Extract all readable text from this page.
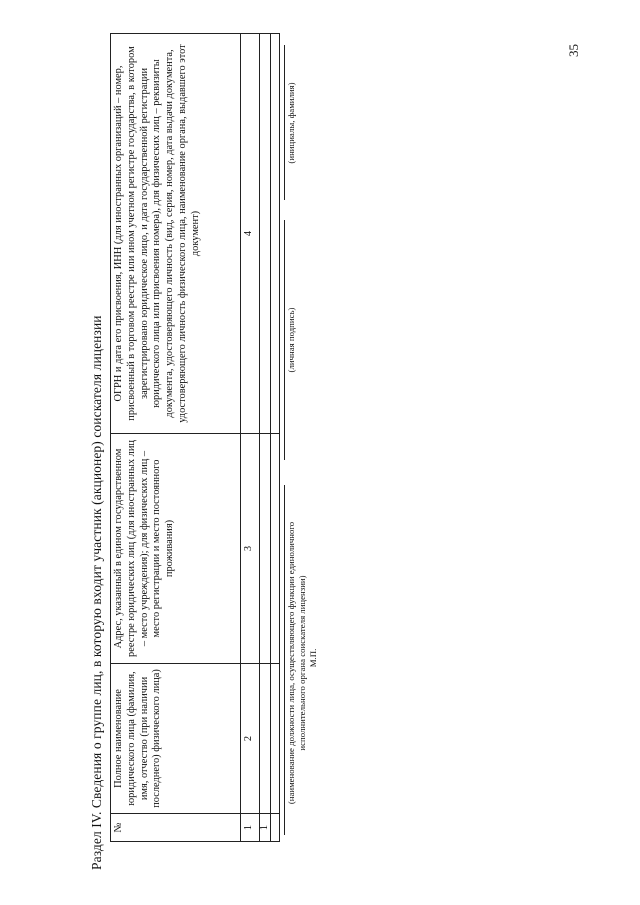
Раздел IV. Сведения о группе лиц, в которую входит участник (акционер) соискателя лицензии №	Полное наименование юридического лица (фамилия, имя, отчество (при наличии последнего) физического лица)	Адрес, указанный в едином государственном реестре юридических лиц (для иностранных лиц – место учреждения); для физических лиц – место регистрации и место постоянного проживания)	ОГРН и дата его присвоения, ИНН (для иностранных организаций – номер, присвоенный в торговом реестре или ином учетном регистре государства, в котором зарегистрировано юридическое лицо, и дата государственной регистрации юридического лица или присвоения номера), для физических лиц – реквизиты документа, удостоверяющего личность (вид, серия, номер, дата выдачи документа, удостоверяющего личность физического лица, наименование органа, выдавшего этот документ)
1	2	3	4
1			

(наименование должности лица, осуществляющего функции единоличного исполнительного органа соискателя лицензии) М.П.
(личная подпись)
(инициалы, фамилия)
35
